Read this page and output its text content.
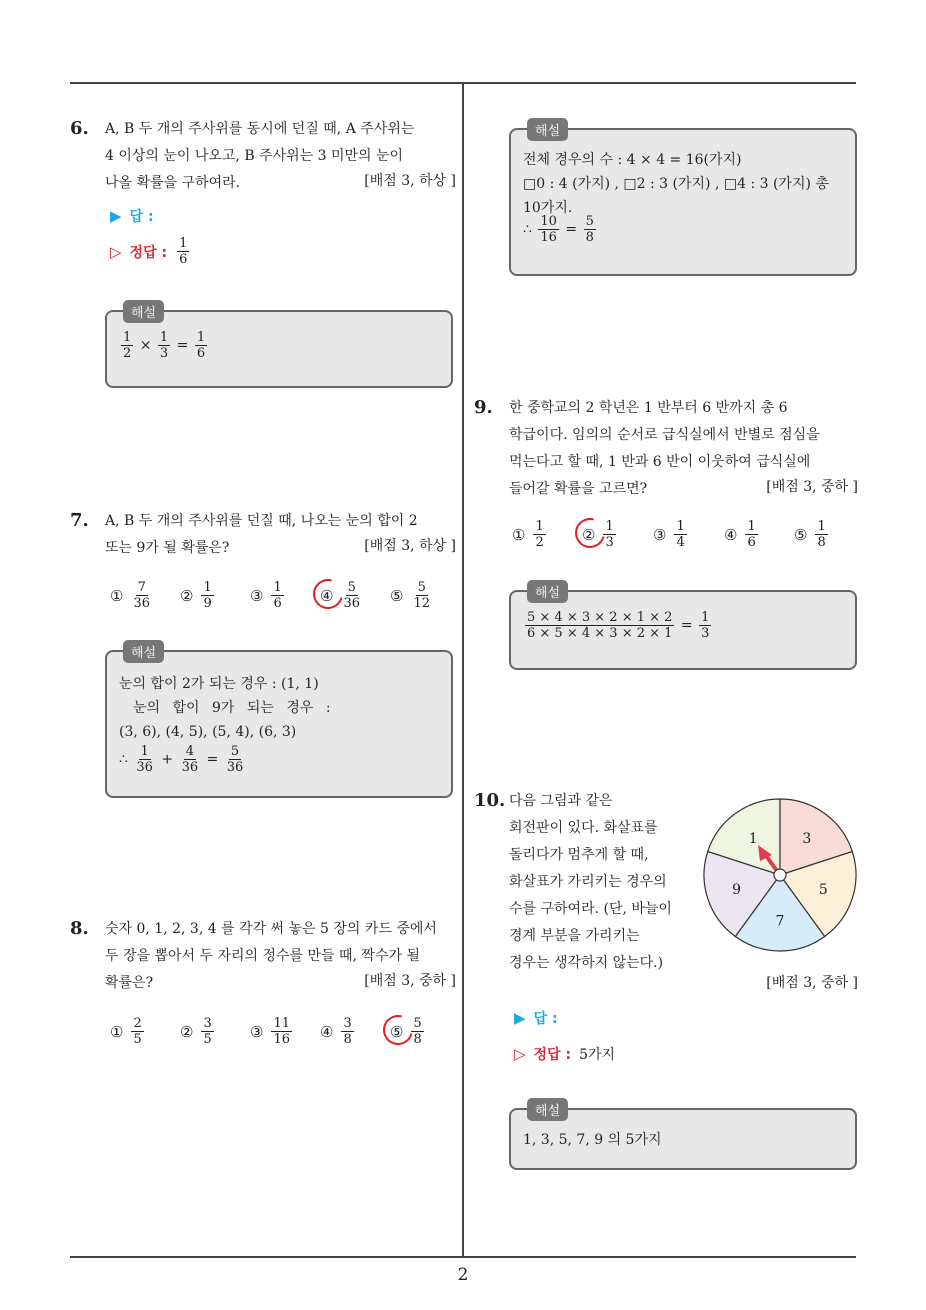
6. A, B 두 개의 주사위를 동시에 던질 때, A 주사위는
4 이상의 눈이 나오고, B 주사위는 3 미만의 눈이
나올 확률을 구하여라.	[배점 3, 하상 ]
▶ 답 :
▷ 정답 : $\frac{1}{6}$
해설
$\frac{1}{2} \times \frac{1}{3} = \frac{1}{6}$
7. A, B 두 개의 주사위를 던질 때, 나오는 눈의 합이 2
또는 9가 될 확률은?	[배점 3, 하상 ]
① $\frac{7}{36}$ ② $\frac{1}{9}$ ③ $\frac{1}{6}$ ④ $\frac{5}{36}$ ⑤ $\frac{5}{12}$
해설
눈의 합이 2가 되는 경우 : (1, 1)
눈의 합이 9가 되는 경우 :
(3, 6), (4, 5), (5, 4), (6, 3)
∴ $\frac{1}{36} + \frac{4}{36} = \frac{5}{36}$
8. 숫자 0, 1, 2, 3, 4 를 각각 써 놓은 5 장의 카드 중에서
두 장을 뽑아서 두 자리의 정수를 만들 때, 짝수가 될
확률은?	[배점 3, 중하 ]
① $\frac{2}{5}$ ② $\frac{3}{5}$ ③ $\frac{11}{16}$ ④ $\frac{3}{8}$ ⑤ $\frac{5}{8}$
해설
전체 경우의 수 : 4 × 4 = 16(가지)
□0 : 4 (가지) , □2 : 3 (가지) , □4 : 3 (가지) 총
10가지.
∴ $\frac{10}{16} = \frac{5}{8}$
9. 한 중학교의 2 학년은 1 반부터 6 반까지 총 6
학급이다. 임의의 순서로 급식실에서 반별로 점심을
먹는다고 할 때, 1 반과 6 반이 이웃하여 급식실에
들어갈 확률을 고르면?	[배점 3, 중하 ]
① $\frac{1}{2}$ ② $\frac{1}{3}$ ③ $\frac{1}{4}$ ④ $\frac{1}{6}$ ⑤ $\frac{1}{8}$
해설
$\frac{5 \times 4 \times 3 \times 2 \times 1 \times 2}{6 \times 5 \times 4 \times 3 \times 2 \times 1} = \frac{1}{3}$
10. 다음 그림과 같은
회전판이 있다. 화살표를
돌리다가 멈추게 할 때,
화살표가 가리키는 경우의
수를 구하여라. (단, 바늘이
경계 부분을 가리키는
경우는 생각하지 않는다.)
[배점 3, 중하 ]
▶ 답 :
▷ 정답 : 5가지
1	3
5
7
9
해설
1, 3, 5, 7, 9 의 5가지
2
